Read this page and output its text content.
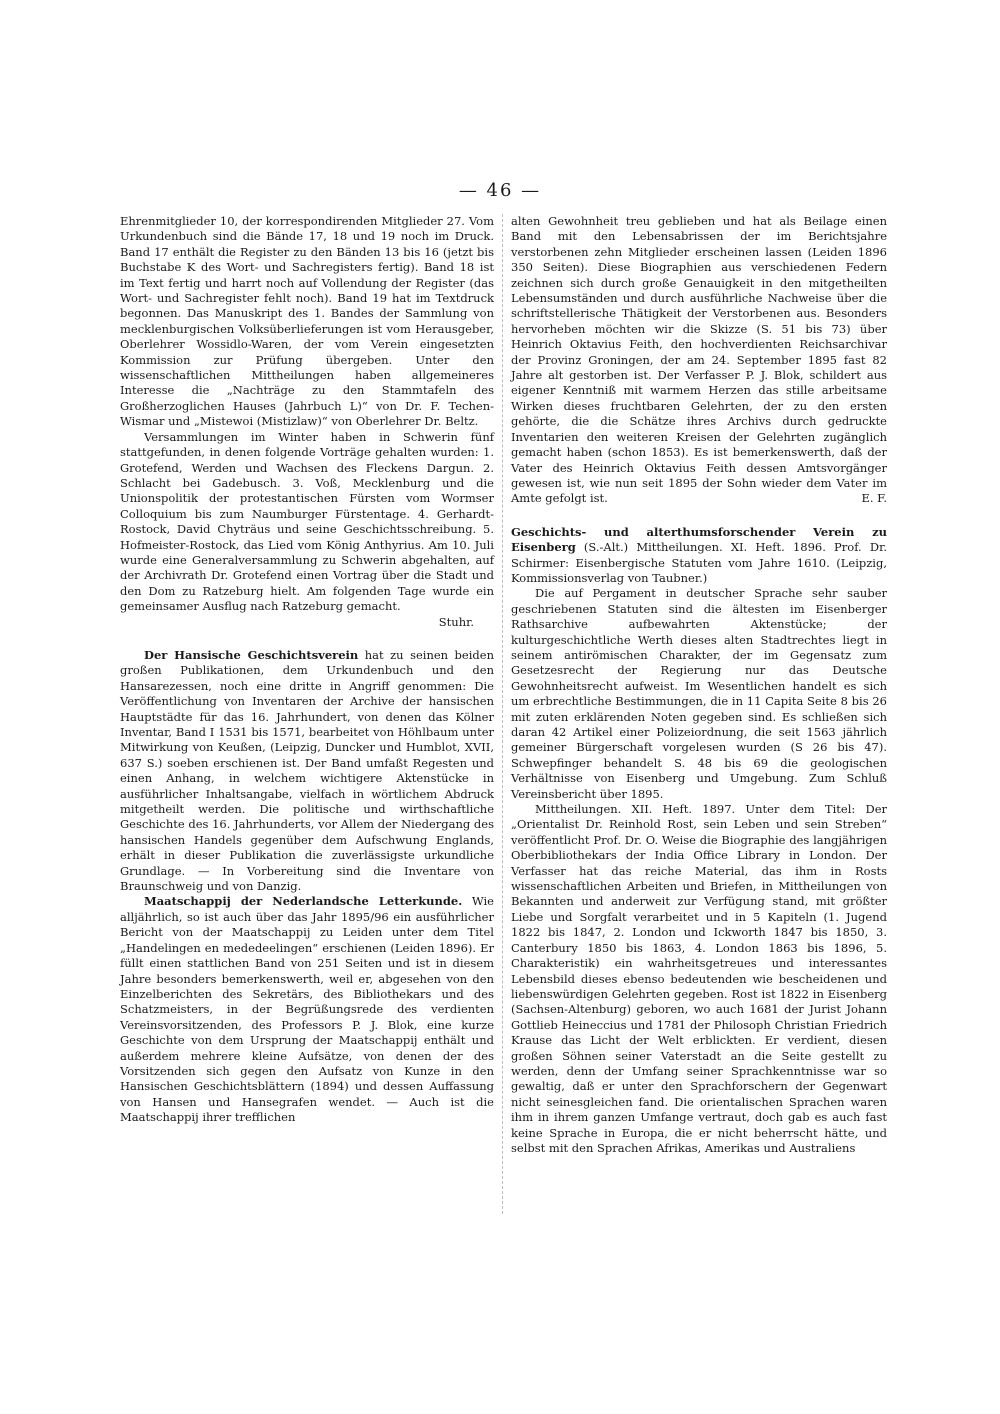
— 46 —

Ehrenmitglieder 10, der korrespondirenden Mitglieder 27. Vom Urkundenbuch sind die Bände 17, 18 und 19 noch im Druck. Band 17 enthält die Register zu den Bänden 13 bis 16 (jetzt bis Buchstabe K des Wort- und Sachregisters fertig). Band 18 ist im Text fertig und harrt noch auf Vollendung der Register (das Wort- und Sachregister fehlt noch). Band 19 hat im Textdruck begonnen. Das Manuskript des 1. Bandes der Sammlung von mecklenburgischen Volksüberlieferungen ist vom Herausgeber, Oberlehrer Wossidlo-Waren, der vom Verein eingesetzten Kommission zur Prüfung übergeben. Unter den wissenschaftlichen Mittheilungen haben allgemeineres Interesse die „Nachträge zu den Stammtafeln des Großherzoglichen Hauses (Jahrbuch L)“ von Dr. F. Techen-Wismar und „Mistewoi (Mistizlaw)“ von Oberlehrer Dr. Beltz.

Versammlungen im Winter haben in Schwerin fünf stattgefunden, in denen folgende Vorträge gehalten wurden: 1. Grotefend, Werden und Wachsen des Fleckens Dargun. 2. Schlacht bei Gadebusch. 3. Voß, Mecklenburg und die Unionspolitik der protestantischen Fürsten vom Wormser Colloquium bis zum Naumburger Fürstentage. 4. Gerhardt-Rostock, David Chyträus und seine Geschichtsschreibung. 5. Hofmeister-Rostock, das Lied vom König Anthyrius. Am 10. Juli wurde eine Generalversammlung zu Schwerin abgehalten, auf der Archivrath Dr. Grotefend einen Vortrag über die Stadt und den Dom zu Ratzeburg hielt. Am folgenden Tage wurde ein gemeinsamer Ausflug nach Ratzeburg gemacht.

Stuhr.

Der Hansische Geschichtsverein hat zu seinen beiden großen Publikationen, dem Urkundenbuch und den Hansarezessen, noch eine dritte in Angriff genommen: Die Veröffentlichung von Inventaren der Archive der hansischen Hauptstädte für das 16. Jahrhundert, von denen das Kölner Inventar, Band I 1531 bis 1571, bearbeitet von Höhlbaum unter Mitwirkung von Keußen, (Leipzig, Duncker und Humblot, XVII, 637 S.) soeben erschienen ist. Der Band umfaßt Regesten und einen Anhang, in welchem wichtigere Aktenstücke in ausführlicher Inhaltsangabe, vielfach in wörtlichem Abdruck mitgetheilt werden. Die politische und wirthschaftliche Geschichte des 16. Jahrhunderts, vor Allem der Niedergang des hansischen Handels gegenüber dem Aufschwung Englands, erhält in dieser Publikation die zuverlässigste urkundliche Grundlage. — In Vorbereitung sind die Inventare von Braunschweig und von Danzig.

Maatschappij der Nederlandsche Letterkunde. Wie alljährlich, so ist auch über das Jahr 1895/96 ein ausführlicher Bericht von der Maatschappij zu Leiden unter dem Titel „Handelingen en mededeelingen“ erschienen (Leiden 1896). Er füllt einen stattlichen Band von 251 Seiten und ist in diesem Jahre besonders bemerkenswerth, weil er, abgesehen von den Einzelberichten des Sekretärs, des Bibliothekars und des Schatzmeisters, in der Begrüßungsrede des verdienten Vereinsvorsitzenden, des Professors P. J. Blok, eine kurze Geschichte von dem Ursprung der Maatschappij enthält und außerdem mehrere kleine Aufsätze, von denen der des Vorsitzenden sich gegen den Aufsatz von Kunze in den Hansischen Geschichtsblättern (1894) und dessen Auffassung von Hansen und Hansegrafen wendet. — Auch ist die Maatschappij ihrer trefflichen

alten Gewohnheit treu geblieben und hat als Beilage einen Band mit den Lebensabrissen der im Berichtsjahre verstorbenen zehn Mitglieder erscheinen lassen (Leiden 1896 350 Seiten). Diese Biographien aus verschiedenen Federn zeichnen sich durch große Genauigkeit in den mitgetheilten Lebensumständen und durch ausführliche Nachweise über die schriftstellerische Thätigkeit der Verstorbenen aus. Besonders hervorheben möchten wir die Skizze (S. 51 bis 73) über Heinrich Oktavius Feith, den hochverdienten Reichsarchivar der Provinz Groningen, der am 24. September 1895 fast 82 Jahre alt gestorben ist. Der Verfasser P. J. Blok, schildert aus eigener Kenntniß mit warmem Herzen das stille arbeitsame Wirken dieses fruchtbaren Gelehrten, der zu den ersten gehörte, die die Schätze ihres Archivs durch gedruckte Inventarien den weiteren Kreisen der Gelehrten zugänglich gemacht haben (schon 1853). Es ist bemerkenswerth, daß der Vater des Heinrich Oktavius Feith dessen Amtsvorgänger gewesen ist, wie nun seit 1895 der Sohn wieder dem Vater im Amte gefolgt ist.	E. F.

Geschichts- und alterthumsforschender Verein zu Eisenberg (S.-Alt.) Mittheilungen. XI. Heft. 1896. Prof. Dr. Schirmer: Eisenbergische Statuten vom Jahre 1610. (Leipzig, Kommissionsverlag von Taubner.)

Die auf Pergament in deutscher Sprache sehr sauber geschriebenen Statuten sind die ältesten im Eisenberger Rathsarchive aufbewahrten Aktenstücke; der kulturgeschichtliche Werth dieses alten Stadtrechtes liegt in seinem antirömischen Charakter, der im Gegensatz zum Gesetzesrecht der Regierung nur das Deutsche Gewohnheitsrecht aufweist. Im Wesentlichen handelt es sich um erbrechtliche Bestimmungen, die in 11 Capita Seite 8 bis 26 mit zuten erklärenden Noten gegeben sind. Es schließen sich daran 42 Artikel einer Polizeiordnung, die seit 1563 jährlich gemeiner Bürgerschaft vorgelesen wurden (S 26 bis 47). Schwepfinger behandelt S. 48 bis 69 die geologischen Verhältnisse von Eisenberg und Umgebung. Zum Schluß Vereinsbericht über 1895.

Mittheilungen. XII. Heft. 1897. Unter dem Titel: Der „Orientalist Dr. Reinhold Rost, sein Leben und sein Streben“ veröffentlicht Prof. Dr. O. Weise die Biographie des langjährigen Oberbibliothekars der India Office Library in London. Der Verfasser hat das reiche Material, das ihm in Rosts wissenschaftlichen Arbeiten und Briefen, in Mittheilungen von Bekannten und anderweit zur Verfügung stand, mit größter Liebe und Sorgfalt verarbeitet und in 5 Kapiteln (1. Jugend 1822 bis 1847, 2. London und Ickworth 1847 bis 1850, 3. Canterbury 1850 bis 1863, 4. London 1863 bis 1896, 5. Charakteristik) ein wahrheitsgetreues und interessantes Lebensbild dieses ebenso bedeutenden wie bescheidenen und liebenswürdigen Gelehrten gegeben. Rost ist 1822 in Eisenberg (Sachsen-Altenburg) geboren, wo auch 1681 der Jurist Johann Gottlieb Heineccius und 1781 der Philosoph Christian Friedrich Krause das Licht der Welt erblickten. Er verdient, diesen großen Söhnen seiner Vaterstadt an die Seite gestellt zu werden, denn der Umfang seiner Sprachkenntnisse war so gewaltig, daß er unter den Sprachforschern der Gegenwart nicht seinesgleichen fand. Die orientalischen Sprachen waren ihm in ihrem ganzen Umfange vertraut, doch gab es auch fast keine Sprache in Europa, die er nicht beherrscht hätte, und selbst mit den Sprachen Afrikas, Amerikas und Australiens
